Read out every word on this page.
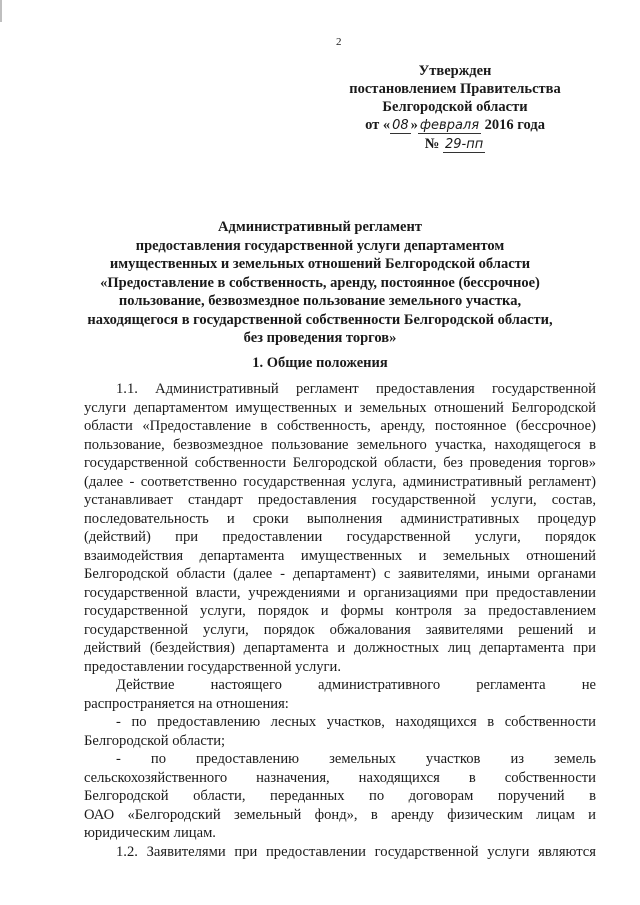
2
Утвержден
постановлением Правительства
Белгородской области
от « 08 » февраля 2016 года
№ 29-пп
Административный регламент
предоставления государственной услуги департаментом
имущественных и земельных отношений Белгородской области
«Предоставление в собственность, аренду, постоянное (бессрочное)
пользование, безвозмездное пользование земельного участка,
находящегося в государственной собственности Белгородской области,
без проведения торгов»
1. Общие положения
1.1. Административный регламент предоставления государственной
услуги департаментом имущественных и земельных отношений Белгородской
области «Предоставление в собственность, аренду, постоянное (бессрочное)
пользование, безвозмездное пользование земельного участка, находящегося в
государственной собственности Белгородской области, без проведения торгов»
(далее - соответственно государственная услуга, административный регламент)
устанавливает стандарт предоставления государственной услуги, состав,
последовательность и сроки выполнения административных процедур
(действий) при предоставлении государственной услуги, порядок
взаимодействия департамента имущественных и земельных отношений
Белгородской области (далее - департамент) с заявителями, иными органами
государственной власти, учреждениями и организациями при предоставлении
государственной услуги, порядок и формы контроля за предоставлением
государственной услуги, порядок обжалования заявителями решений и
действий (бездействия) департамента и должностных лиц департамента при
предоставлении государственной услуги.
Действие настоящего административного регламента не
распространяется на отношения:
- по предоставлению лесных участков, находящихся в собственности
Белгородской области;
- по предоставлению земельных участков из земель
сельскохозяйственного назначения, находящихся в собственности
Белгородской области, переданных по договорам поручений в
ОАО «Белгородский земельный фонд», в аренду физическим лицам и
юридическим лицам.
1.2. Заявителями при предоставлении государственной услуги являются
